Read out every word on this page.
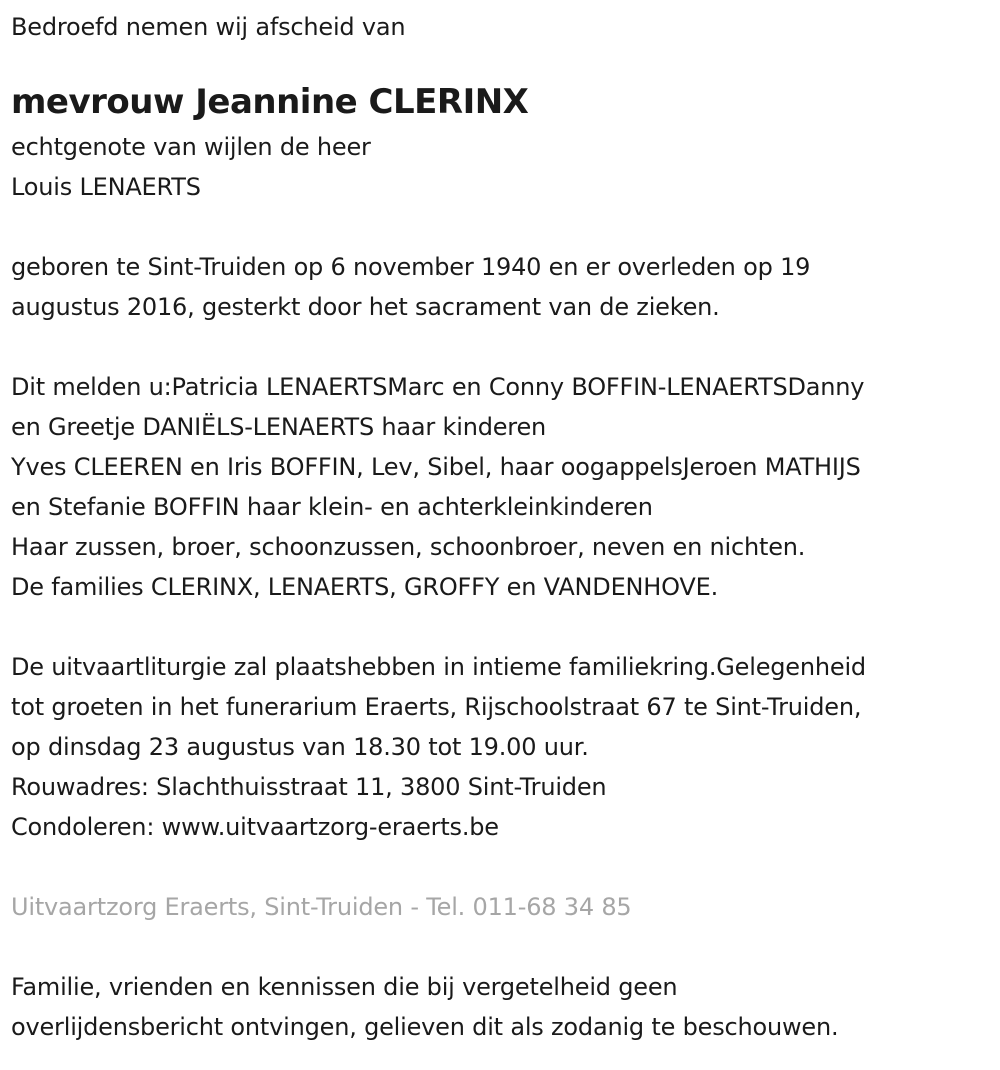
Bedroefd nemen wij afscheid van
mevrouw Jeannine CLERINX
echtgenote van wijlen de heer
Louis LENAERTS
geboren te Sint-Truiden op 6 november 1940 en er overleden op 19
augustus 2016, gesterkt door het sacrament van de zieken.
Dit melden u:Patricia LENAERTSMarc en Conny BOFFIN-LENAERTSDanny
en Greetje DANIËLS-LENAERTS haar kinderen
Yves CLEEREN en Iris BOFFIN, Lev, Sibel, haar oogappelsJeroen MATHIJS
en Stefanie BOFFIN haar klein- en achterkleinkinderen
Haar zussen, broer, schoonzussen, schoonbroer, neven en nichten.
De families CLERINX, LENAERTS, GROFFY en VANDENHOVE.
De uitvaartliturgie zal plaatshebben in intieme familiekring.Gelegenheid
tot groeten in het funerarium Eraerts, Rijschoolstraat 67 te Sint-Truiden,
op dinsdag 23 augustus van 18.30 tot 19.00 uur.
Rouwadres: Slachthuisstraat 11, 3800 Sint-Truiden
Condoleren: www.uitvaartzorg-eraerts.be
Uitvaartzorg Eraerts, Sint-Truiden - Tel. 011-68 34 85
Familie, vrienden en kennissen die bij vergetelheid geen
overlijdensbericht ontvingen, gelieven dit als zodanig te beschouwen.
